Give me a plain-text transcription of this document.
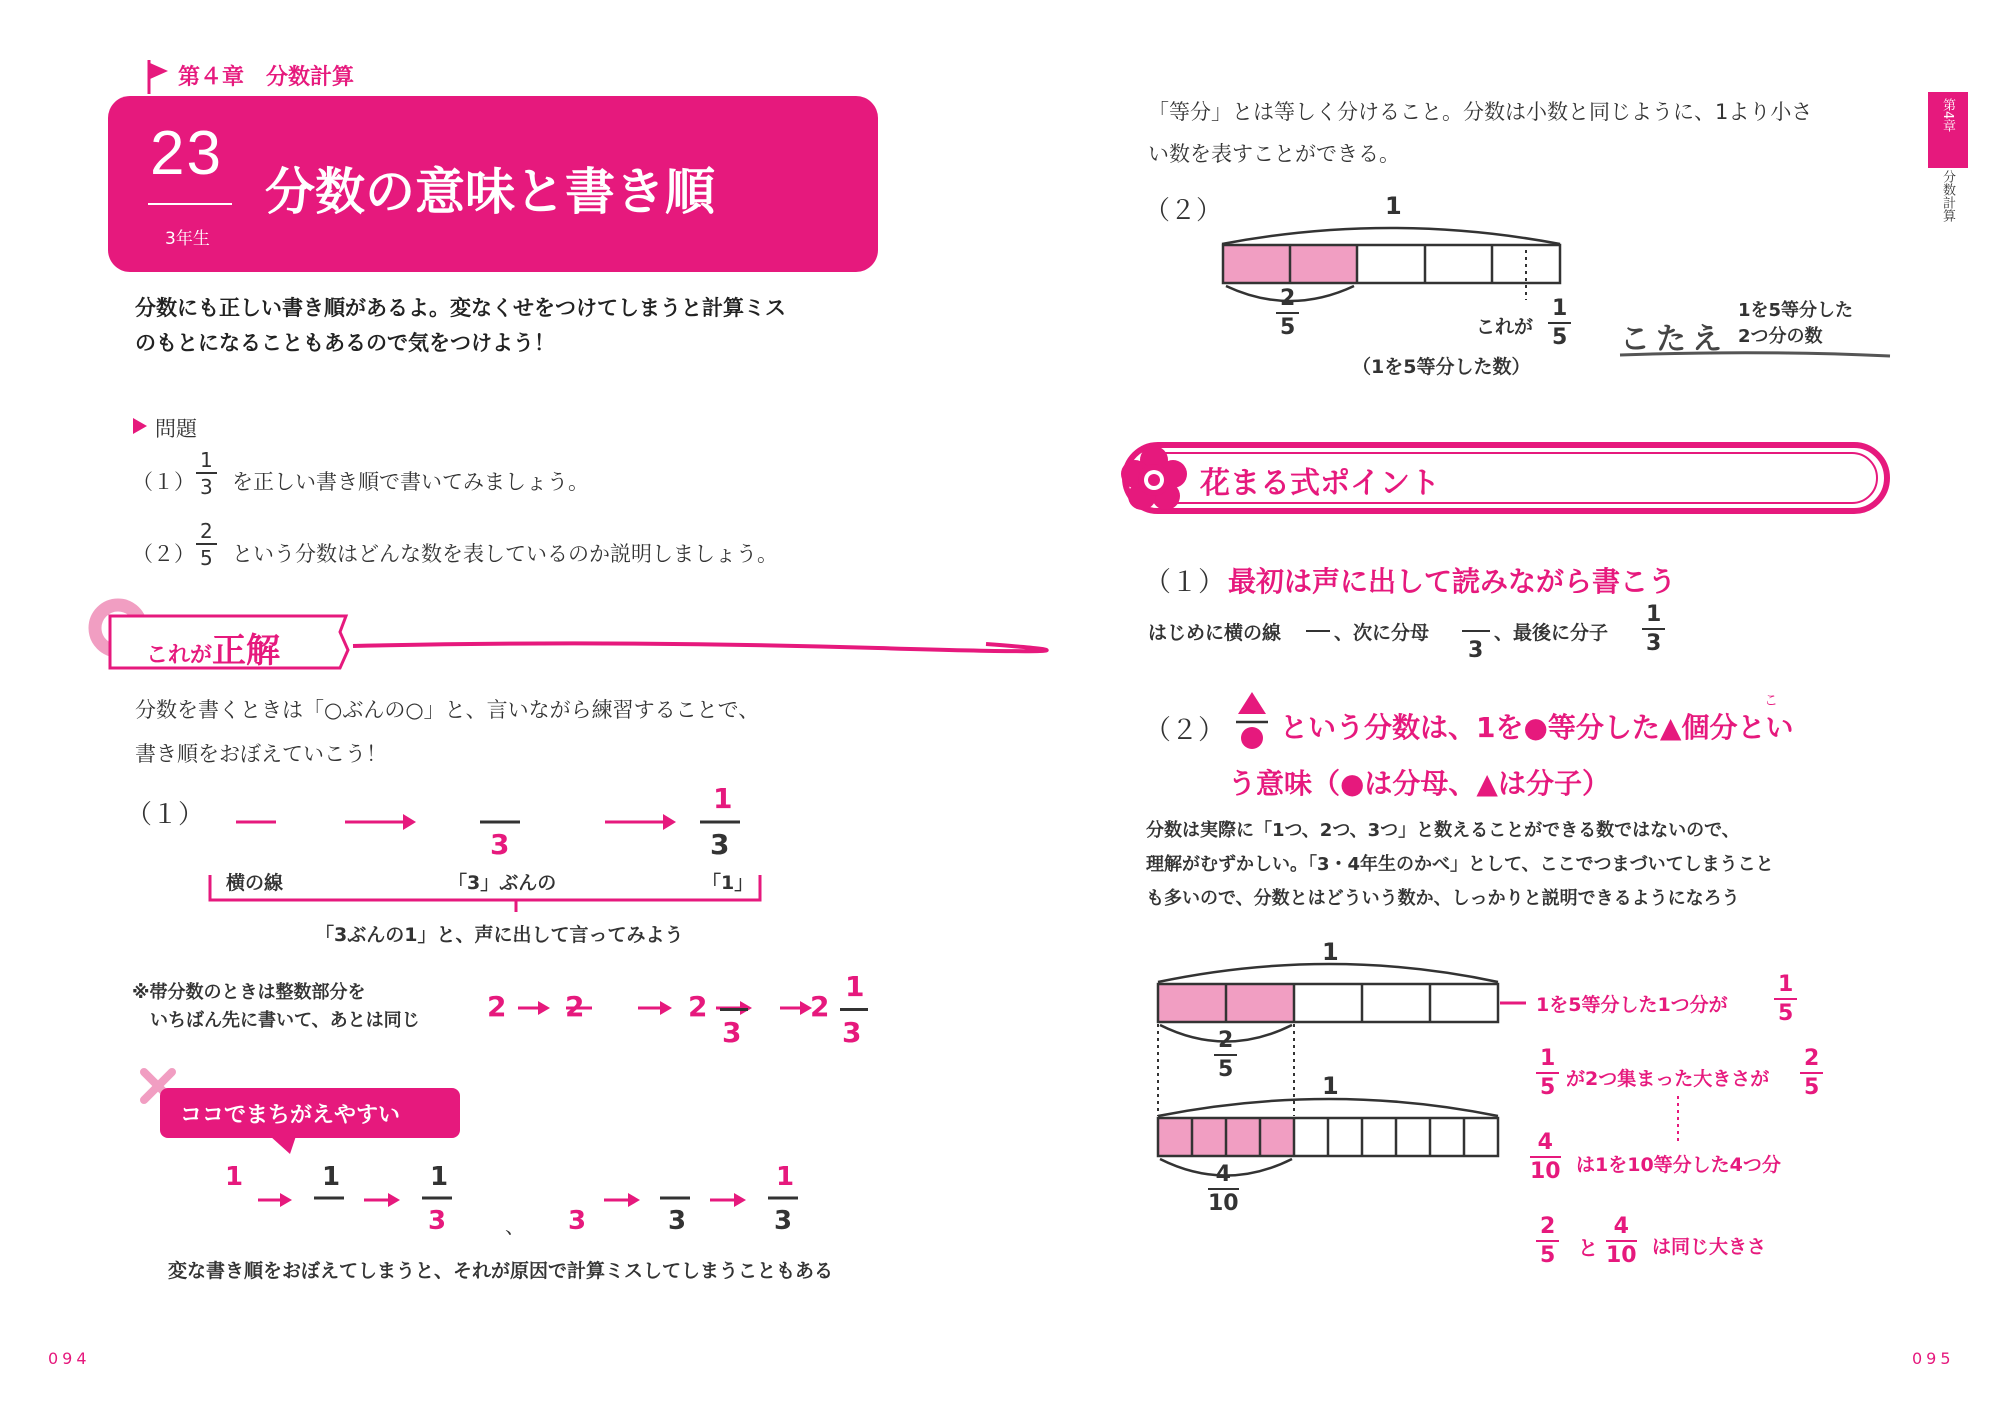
第４章　分数計算
23
3年生
分数の意味と書き順
分数にも正しい書き順があるよ。変なくせをつけてしまうと計算ミス
のもとになることもあるので気をつけよう！
問題
（１）
1
3 を正しい書き順で書いてみましょう。
（２）
2
5 という分数はどんな数を表しているのか説明しましょう。
これが正解
分数を書くときは「○ぶんの○」と、言いながら練習することで、
書き順をおぼえていこう！
（１）
3
1
3
横の線	「3」ぶんの	「1」
「3ぶんの1」と、声に出して言ってみよう
※帯分数のときは整数部分を
いちばん先に書いて、あとは同じ 2 2	2
3
2
1
3
ココでまちがえやすい
1	1	1
3	、 3	3
1
3
変な書き順をおぼえてしまうと、それが原因で計算ミスしてしまうこともある
094
第4章
分数計算
「等分」とは等しく分けること。分数は小数と同じように、1より小さ
い数を表すことができる。
（２）	1
2
5	これが
1
5
（1を5等分した数）
こたえ
1を5等分した
2つ分の数
花まる式ポイント
（１） 最初は声に出して読みながら書こう
はじめに横の線	、次に分母
3
、最後に分子
1
3
（２）
こ
という分数は、1を●等分した▲個分とい
う意味（●は分母、▲は分子）
分数は実際に「1つ、2つ、3つ」と数えることができる数ではないので、
理解がむずかしい。「3・4年生のかべ」として、ここでつまづいてしまうこと
も多いので、分数とはどういう数か、しっかりと説明できるようになろう
1
1
2
5
4
10
1を5等分した1つ分が
1
5
1
5 が2つ集まった大きさが
2
5
4
10 は1を10等分した4つ分
2
5 と
4
10 は同じ大きさ
095
